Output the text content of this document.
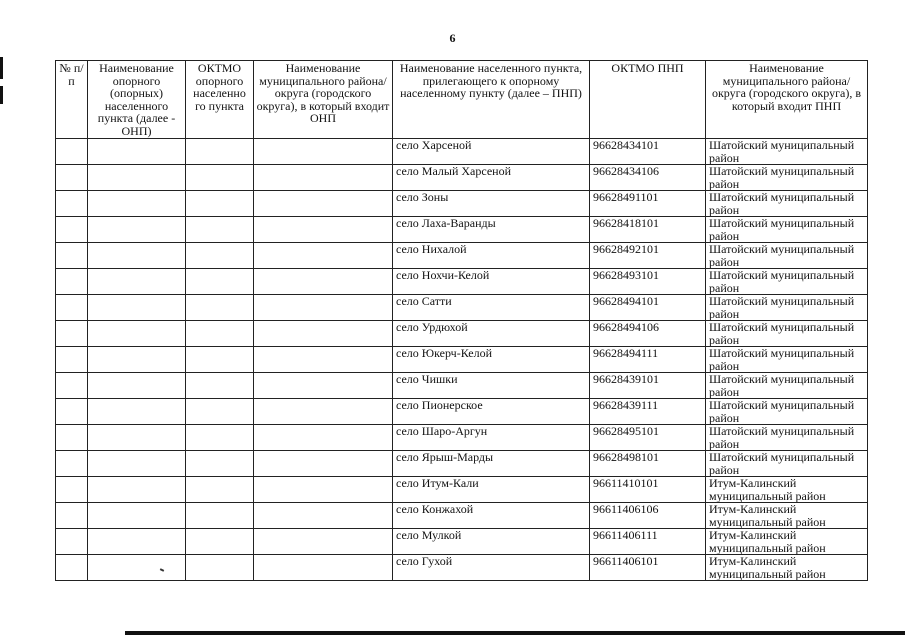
6
№ п/п	Наименование опорного (опорных) населенного пункта (далее - ОНП)	ОКТМО опорного населенно го пункта	Наименование муниципального района/округа (городского округа), в который входит ОНП	Наименование населенного пункта, прилегающего к опорному населенному пункту (далее – ПНП)	ОКТМО ПНП	Наименование муниципального района/округа (городского округа), в который входит ПНП
				село Харсеной	96628434101	Шатойский муниципальный район
				село Малый Харсеной	96628434106	Шатойский муниципальный район
				село Зоны	96628491101	Шатойский муниципальный район
				село Лаха-Варанды	96628418101	Шатойский муниципальный район
				село Нихалой	96628492101	Шатойский муниципальный район
				село Нохчи-Келой	96628493101	Шатойский муниципальный район
				село Сатти	96628494101	Шатойский муниципальный район
				село Урдюхой	96628494106	Шатойский муниципальный район
				село Юкерч-Келой	96628494111	Шатойский муниципальный район
				село Чишки	96628439101	Шатойский муниципальный район
				село Пионерское	96628439111	Шатойский муниципальный район
				село Шаро-Аргун	96628495101	Шатойский муниципальный район
				село Ярыш-Марды	96628498101	Шатойский муниципальный район
				село Итум-Кали	96611410101	Итум-Калинский муниципальный район
				село Конжахой	96611406106	Итум-Калинский муниципальный район
				село Мулкой	96611406111	Итум-Калинский муниципальный район
				село Гухой	96611406101	Итум-Калинский муниципальный район
